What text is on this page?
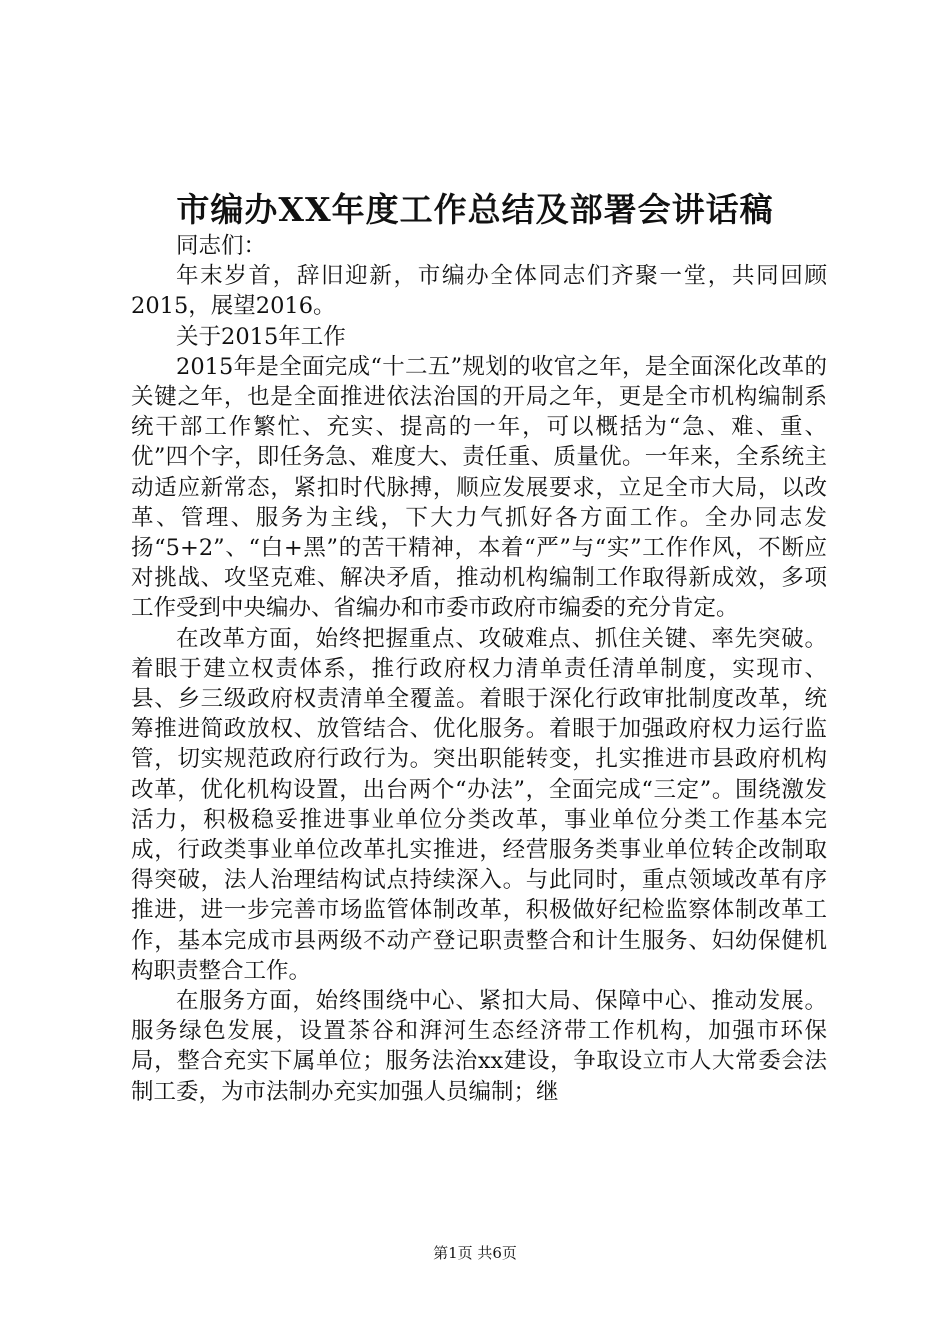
市编办XX年度工作总结及部署会讲话稿

同志们：

年末岁首，辞旧迎新，市编办全体同志们齐聚一堂，共同回顾2015，展望2016。

关于2015年工作

2015年是全面完成“十二五”规划的收官之年，是全面深化改革的关键之年，也是全面推进依法治国的开局之年，更是全市机构编制系统干部工作繁忙、充实、提高的一年，可以概括为“急、难、重、优”四个字，即任务急、难度大、责任重、质量优。一年来，全系统主动适应新常态，紧扣时代脉搏，顺应发展要求，立足全市大局，以改革、管理、服务为主线，下大力气抓好各方面工作。全办同志发扬“5+2”、“白+黑”的苦干精神，本着“严”与“实”工作作风，不断应对挑战、攻坚克难、解决矛盾，推动机构编制工作取得新成效，多项工作受到中央编办、省编办和市委市政府市编委的充分肯定。

在改革方面，始终把握重点、攻破难点、抓住关键、率先突破。着眼于建立权责体系，推行政府权力清单责任清单制度，实现市、县、乡三级政府权责清单全覆盖。着眼于深化行政审批制度改革，统筹推进简政放权、放管结合、优化服务。着眼于加强政府权力运行监管，切实规范政府行政行为。突出职能转变，扎实推进市县政府机构改革，优化机构设置，出台两个“办法”，全面完成“三定”。围绕激发活力，积极稳妥推进事业单位分类改革，事业单位分类工作基本完成，行政类事业单位改革扎实推进，经营服务类事业单位转企改制取得突破，法人治理结构试点持续深入。与此同时，重点领域改革有序推进，进一步完善市场监管体制改革，积极做好纪检监察体制改革工作，基本完成市县两级不动产登记职责整合和计生服务、妇幼保健机构职责整合工作。

在服务方面，始终围绕中心、紧扣大局、保障中心、推动发展。服务绿色发展，设置茶谷和湃河生态经济带工作机构，加强市环保局，整合充实下属单位；服务法治xx建设，争取设立市人大常委会法制工委，为市法制办充实加强人员编制；继

第1页 共6页
